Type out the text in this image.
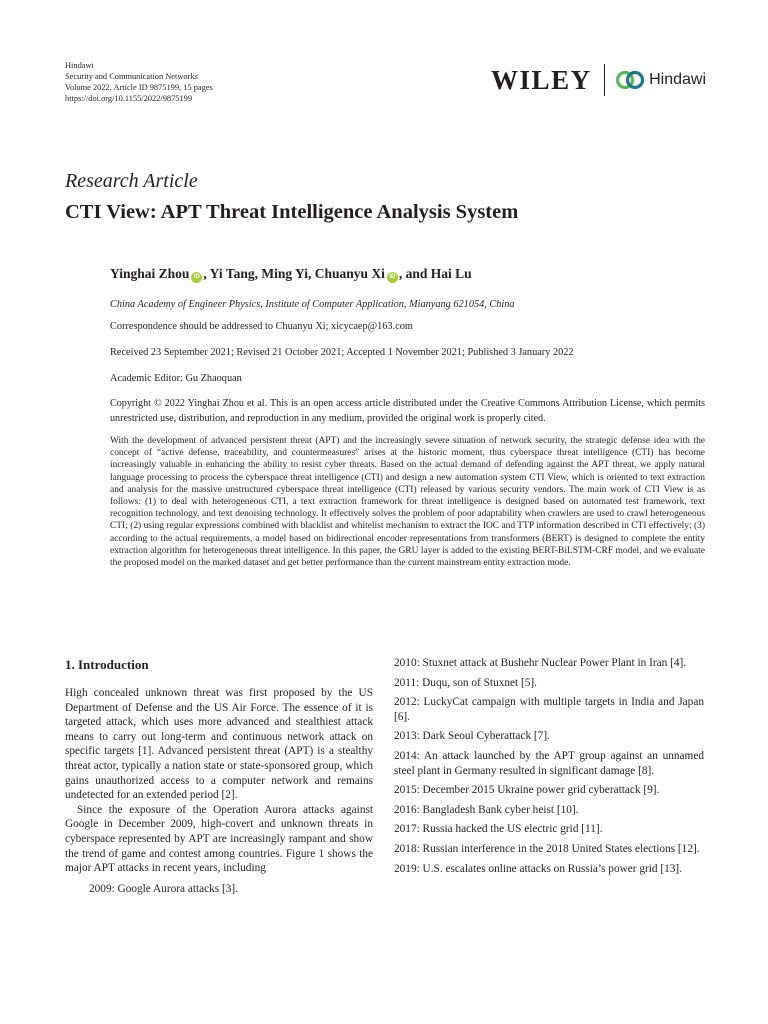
Hindawi
Security and Communication Networks
Volume 2022, Article ID 9875199, 15 pages
https://doi.org/10.1155/2022/9875199
WILEY	Hindawi
Research Article
CTI View: APT Threat Intelligence Analysis System
Yinghai Zhou iD , Yi Tang, Ming Yi, Chuanyu Xi iD , and Hai Lu
China Academy of Engineer Physics, Institute of Computer Application, Mianyang 621054, China
Correspondence should be addressed to Chuanyu Xi; xicycaep@163.com
Received 23 September 2021; Revised 21 October 2021; Accepted 1 November 2021; Published 3 January 2022
Academic Editor: Gu Zhaoquan
Copyright © 2022 Yinghai Zhou et al. This is an open access article distributed under the Creative Commons Attribution License, which permits unrestricted use, distribution, and reproduction in any medium, provided the original work is properly cited.
With the development of advanced persistent threat (APT) and the increasingly severe situation of network security, the strategic defense idea with the concept of “active defense, traceability, and countermeasures” arises at the historic moment, thus cyberspace threat intelligence (CTI) has become increasingly valuable in enhancing the ability to resist cyber threats. Based on the actual demand of defending against the APT threat, we apply natural language processing to process the cyberspace threat intelligence (CTI) and design a new automation system CTI View, which is oriented to text extraction and analysis for the massive unstructured cyberspace threat intelligence (CTI) released by various security vendors. The main work of CTI View is as follows: (1) to deal with heterogeneous CTI, a text extraction framework for threat intelligence is designed based on automated test framework, text recognition technology, and text denoising technology. It effectively solves the problem of poor adaptability when crawlers are used to crawl heterogeneous CTI; (2) using regular expressions combined with blacklist and whitelist mechanism to extract the IOC and TTP information described in CTI effectively; (3) according to the actual requirements, a model based on bidirectional encoder representations from transformers (BERT) is designed to complete the entity extraction algorithm for heterogeneous threat intelligence. In this paper, the GRU layer is added to the existing BERT-BiLSTM-CRF model, and we evaluate the proposed model on the marked dataset and get better performance than the current mainstream entity extraction mode.
1. Introduction

High concealed unknown threat was first proposed by the US Department of Defense and the US Air Force. The essence of it is targeted attack, which uses more advanced and stealthiest attack means to carry out long-term and continuous network attack on specific targets [1]. Advanced persistent threat (APT) is a stealthy threat actor, typically a nation state or state-sponsored group, which gains unauthorized access to a computer network and remains undetected for an extended period [2].

Since the exposure of the Operation Aurora attacks against Google in December 2009, high-covert and unknown threats in cyberspace represented by APT are increasingly rampant and show the trend of game and contest among countries. Figure 1 shows the major APT attacks in recent years, including

2009: Google Aurora attacks [3].

2010: Stuxnet attack at Bushehr Nuclear Power Plant in Iran [4].

2011: Duqu, son of Stuxnet [5].

2012: LuckyCat campaign with multiple targets in India and Japan [6].

2013: Dark Seoul Cyberattack [7].

2014: An attack launched by the APT group against an unnamed steel plant in Germany resulted in significant damage [8].

2015: December 2015 Ukraine power grid cyberattack [9].

2016: Bangladesh Bank cyber heist [10].

2017: Russia hacked the US electric grid [11].

2018: Russian interference in the 2018 United States elections [12].

2019: U.S. escalates online attacks on Russia’s power grid [13].
